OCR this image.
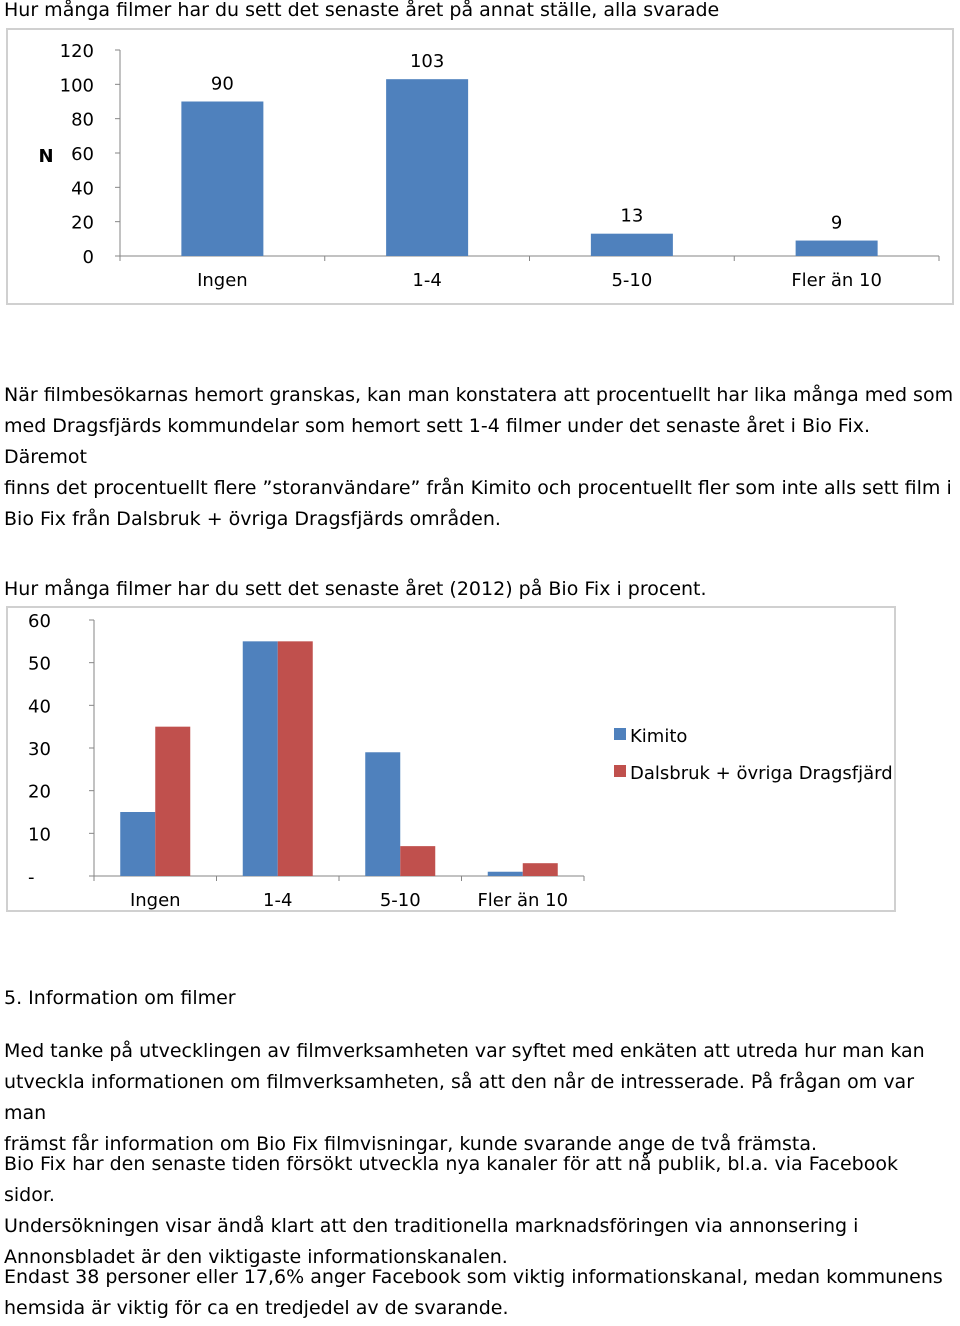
Hur många filmer har du sett det senaste året på annat ställe, alla svarade
0
20
40
60
80
100
120
N
90
Ingen
103
1-4
13
5-10
9
Fler än 10
När filmbesökarnas hemort granskas, kan man konstatera att procentuellt har lika många med som
med Dragsfjärds kommundelar som hemort sett 1-4 filmer under det senaste året i Bio Fix. Däremot
finns det procentuellt flere ”storanvändare” från Kimito och procentuellt fler som inte alls sett film i
Bio Fix från Dalsbruk + övriga Dragsfjärds områden.
Hur många filmer har du sett det senaste året (2012) på Bio Fix i procent.
-
10
20
30
40
50
60
Ingen	1-4	5-10	Fler än 10
Kimito
Dalsbruk + övriga Dragsfjärd
5. Information om filmer
Med tanke på utvecklingen av filmverksamheten var syftet med enkäten att utreda hur man kan
utveckla informationen om filmverksamheten, så att den når de intresserade. På frågan om var man
främst får information om Bio Fix filmvisningar, kunde svarande ange de två främsta.
Bio Fix har den senaste tiden försökt utveckla nya kanaler för att nå publik, bl.a. via Facebook sidor.
Undersökningen visar ändå klart att den traditionella marknadsföringen via annonsering i
Annonsbladet är den viktigaste informationskanalen.
Endast 38 personer eller 17,6% anger Facebook som viktig informationskanal, medan kommunens
hemsida är viktig för ca en tredjedel av de svarande.
